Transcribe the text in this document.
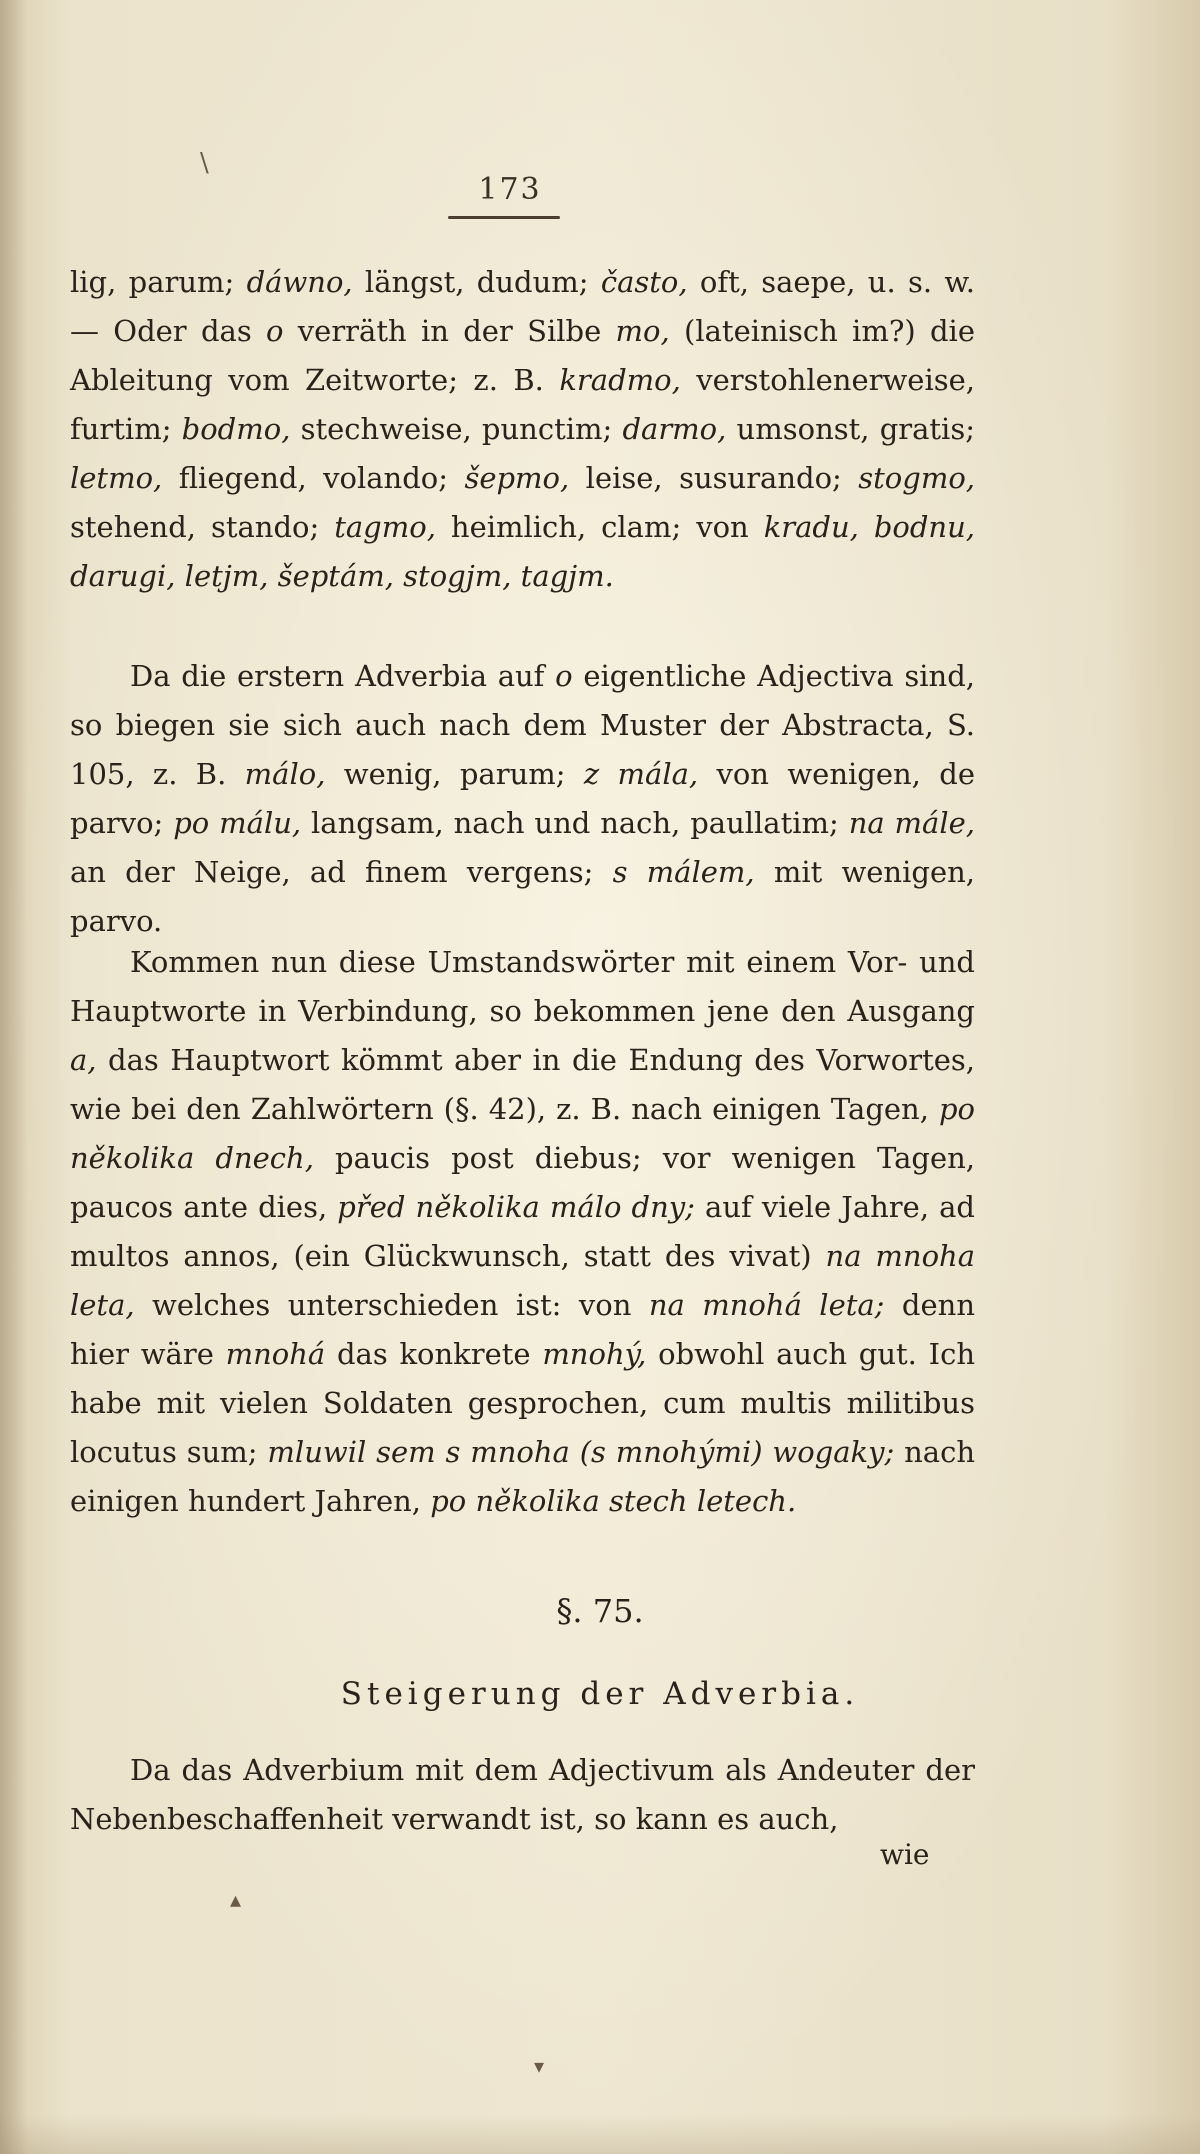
\
173

lig, parum; dáwno, längst, dudum; často, oft, saepe, u. s. w. — Oder das o verräth in der Silbe mo, (lateinisch im?) die Ableitung vom Zeitworte; z. B. kradmo, verstohlenerweise, furtim; bodmo, stechweise, punctim; darmo, umsonst, gratis; letmo, fliegend, volando; šepmo, leise, susurando; stogmo, stehend, stando; tagmo, heimlich, clam; von kradu, bodnu, darugi, letjm, šeptám, stogjm, tagjm.

Da die erstern Adverbia auf o eigentliche Adjectiva sind, so biegen sie sich auch nach dem Muster der Abstracta, S. 105, z. B. málo, wenig, parum; z mála, von wenigen, de parvo; po málu, langsam, nach und nach, paullatim; na mále, an der Neige, ad finem vergens; s málem, mit wenigen, parvo.

Kommen nun diese Umstandswörter mit einem Vor- und Hauptworte in Verbindung, so bekommen jene den Ausgang a, das Hauptwort kömmt aber in die Endung des Vorwortes, wie bei den Zahlwörtern (§. 42), z. B. nach einigen Tagen, po několika dnech, paucis post diebus; vor wenigen Tagen, paucos ante dies, před několika málo dny; auf viele Jahre, ad multos annos, (ein Glückwunsch, statt des vivat) na mnoha leta, welches unterschieden ist: von na mnohá leta; denn hier wäre mnohá das konkrete mnohý, obwohl auch gut. Ich habe mit vielen Soldaten gesprochen, cum multis militibus locutus sum; mluwil sem s mnoha (s mnohými) wogaky; nach einigen hundert Jahren, po několika stech letech.

§. 75.
Steigerung der Adverbia.

Da das Adverbium mit dem Adjectivum als Andeuter der Nebenbeschaffenheit verwandt ist, so kann es auch,

wie
▴
▾
